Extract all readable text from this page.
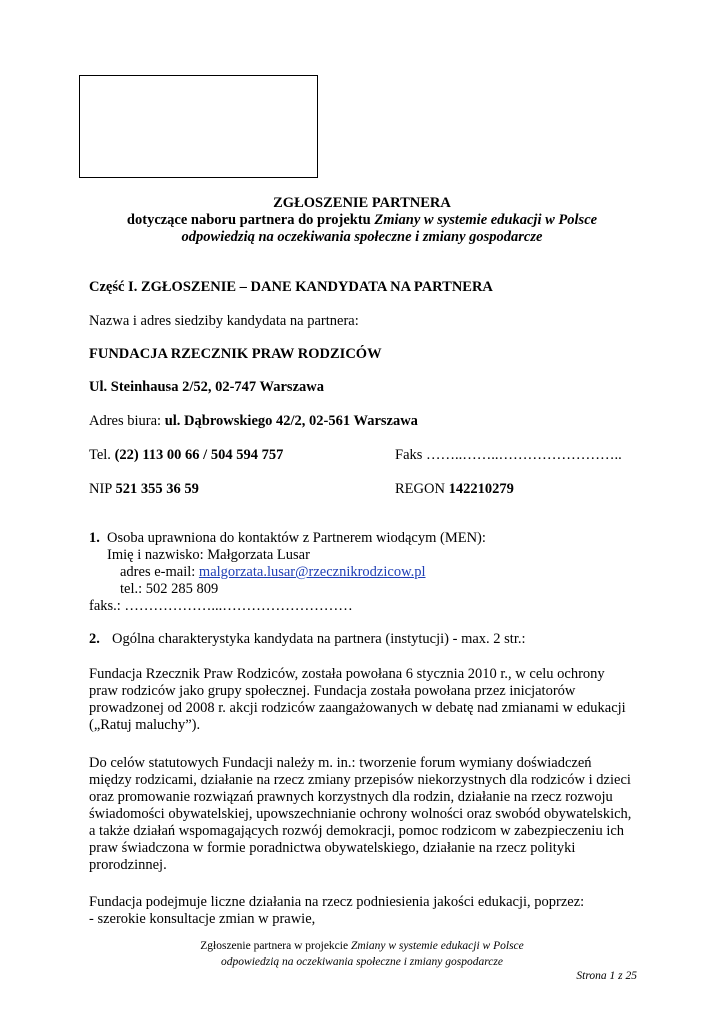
ZGŁOSZENIE PARTNERA
dotyczące naboru partnera do projektu Zmiany w systemie edukacji w Polsce
odpowiedzią na oczekiwania społeczne i zmiany gospodarcze
Część I. ZGŁOSZENIE – DANE KANDYDATA NA PARTNERA
Nazwa i adres siedziby kandydata na partnera:
FUNDACJA RZECZNIK PRAW RODZICÓW
Ul. Steinhausa 2/52, 02-747 Warszawa
Adres biura: ul. Dąbrowskiego 42/2, 02-561 Warszawa
Tel. (22) 113 00 66 / 504 594 757	Faks ……..……..……………………..
NIP 521 355 36 59	REGON 142210279
1. Osoba uprawniona do kontaktów z Partnerem wiodącym (MEN):
Imię i nazwisko: Małgorzata Lusar
adres e-mail: malgorzata.lusar@rzecznikrodzicow.pl
tel.: 502 285 809
faks.: ………………...………………………
2. Ogólna charakterystyka kandydata na partnera (instytucji) - max. 2 str.:
Fundacja Rzecznik Praw Rodziców, została powołana 6 stycznia 2010 r., w celu ochrony
praw rodziców jako grupy społecznej. Fundacja została powołana przez inicjatorów
prowadzonej od 2008 r. akcji rodziców zaangażowanych w debatę nad zmianami w edukacji
(„Ratuj maluchy”).
Do celów statutowych Fundacji należy m. in.: tworzenie forum wymiany doświadczeń
między rodzicami, działanie na rzecz zmiany przepisów niekorzystnych dla rodziców i dzieci
oraz promowanie rozwiązań prawnych korzystnych dla rodzin, działanie na rzecz rozwoju
świadomości obywatelskiej, upowszechnianie ochrony wolności oraz swobód obywatelskich,
a także działań wspomagających rozwój demokracji, pomoc rodzicom w zabezpieczeniu ich
praw świadczona w formie poradnictwa obywatelskiego, działanie na rzecz polityki
prorodzinnej.
Fundacja podejmuje liczne działania na rzecz podniesienia jakości edukacji, poprzez:
- szerokie konsultacje zmian w prawie,
Zgłoszenie partnera w projekcie Zmiany w systemie edukacji w Polsce
odpowiedzią na oczekiwania społeczne i zmiany gospodarcze
Strona 1 z 25
